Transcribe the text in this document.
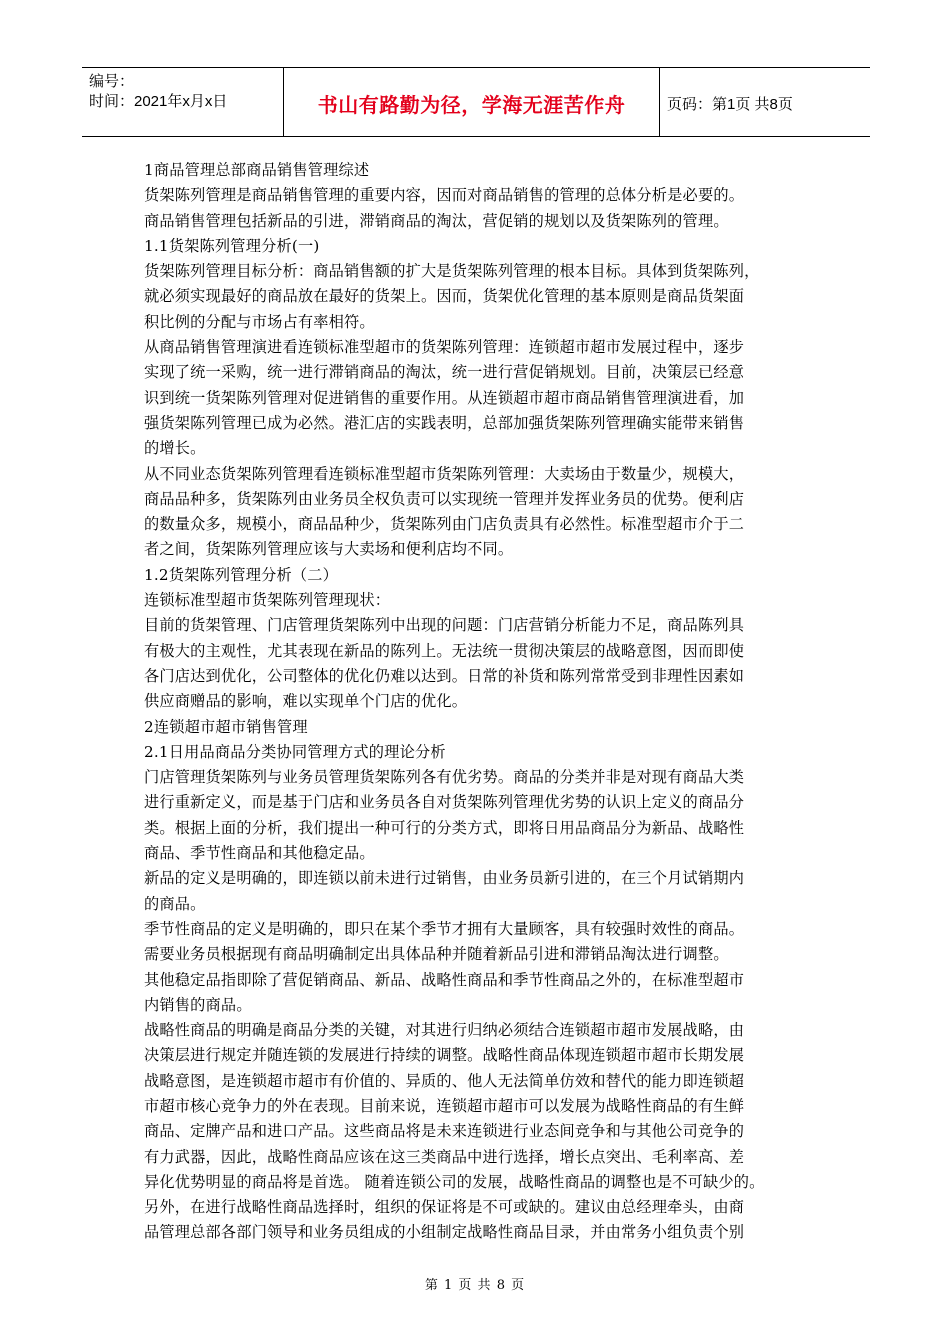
编号：
时间：2021年x月x日	书山有路勤为径，学海无涯苦作舟	页码：第1页 共8页
1商品管理总部商品销售管理综述
货架陈列管理是商品销售管理的重要内容，因而对商品销售的管理的总体分析是必要的。
商品销售管理包括新品的引进，滞销商品的淘汰，营促销的规划以及货架陈列的管理。
1.1货架陈列管理分析(一)
货架陈列管理目标分析：商品销售额的扩大是货架陈列管理的根本目标。具体到货架陈列，
就必须实现最好的商品放在最好的货架上。因而，货架优化管理的基本原则是商品货架面
积比例的分配与市场占有率相符。
从商品销售管理演进看连锁标准型超市的货架陈列管理：连锁超市超市发展过程中，逐步
实现了统一采购，统一进行滞销商品的淘汰，统一进行营促销规划。目前，决策层已经意
识到统一货架陈列管理对促进销售的重要作用。从连锁超市超市商品销售管理演进看，加
强货架陈列管理已成为必然。港汇店的实践表明，总部加强货架陈列管理确实能带来销售
的增长。
从不同业态货架陈列管理看连锁标准型超市货架陈列管理：大卖场由于数量少，规模大，
商品品种多，货架陈列由业务员全权负责可以实现统一管理并发挥业务员的优势。便利店
的数量众多，规模小，商品品种少，货架陈列由门店负责具有必然性。标准型超市介于二
者之间，货架陈列管理应该与大卖场和便利店均不同。
1.2货架陈列管理分析（二）
连锁标准型超市货架陈列管理现状：
目前的货架管理、门店管理货架陈列中出现的问题：门店营销分析能力不足，商品陈列具
有极大的主观性，尤其表现在新品的陈列上。无法统一贯彻决策层的战略意图，因而即使
各门店达到优化，公司整体的优化仍难以达到。日常的补货和陈列常常受到非理性因素如
供应商赠品的影响，难以实现单个门店的优化。
2连锁超市超市销售管理
2.1日用品商品分类协同管理方式的理论分析
门店管理货架陈列与业务员管理货架陈列各有优劣势。商品的分类并非是对现有商品大类
进行重新定义，而是基于门店和业务员各自对货架陈列管理优劣势的认识上定义的商品分
类。根据上面的分析，我们提出一种可行的分类方式，即将日用品商品分为新品、战略性
商品、季节性商品和其他稳定品。
新品的定义是明确的，即连锁以前未进行过销售，由业务员新引进的，在三个月试销期内
的商品。
季节性商品的定义是明确的，即只在某个季节才拥有大量顾客，具有较强时效性的商品。
需要业务员根据现有商品明确制定出具体品种并随着新品引进和滞销品淘汰进行调整。
其他稳定品指即除了营促销商品、新品、战略性商品和季节性商品之外的，在标准型超市
内销售的商品。
战略性商品的明确是商品分类的关键，对其进行归纳必须结合连锁超市超市发展战略，由
决策层进行规定并随连锁的发展进行持续的调整。战略性商品体现连锁超市超市长期发展
战略意图，是连锁超市超市有价值的、异质的、他人无法简单仿效和替代的能力即连锁超
市超市核心竞争力的外在表现。目前来说，连锁超市超市可以发展为战略性商品的有生鲜
商品、定牌产品和进口产品。这些商品将是未来连锁进行业态间竞争和与其他公司竞争的
有力武器，因此，战略性商品应该在这三类商品中进行选择，增长点突出、毛利率高、差
异化优势明显的商品将是首选。 随着连锁公司的发展，战略性商品的调整也是不可缺少的。
另外，在进行战略性商品选择时，组织的保证将是不可或缺的。建议由总经理牵头，由商
品管理总部各部门领导和业务员组成的小组制定战略性商品目录，并由常务小组负责个别
第 1 页 共 8 页
